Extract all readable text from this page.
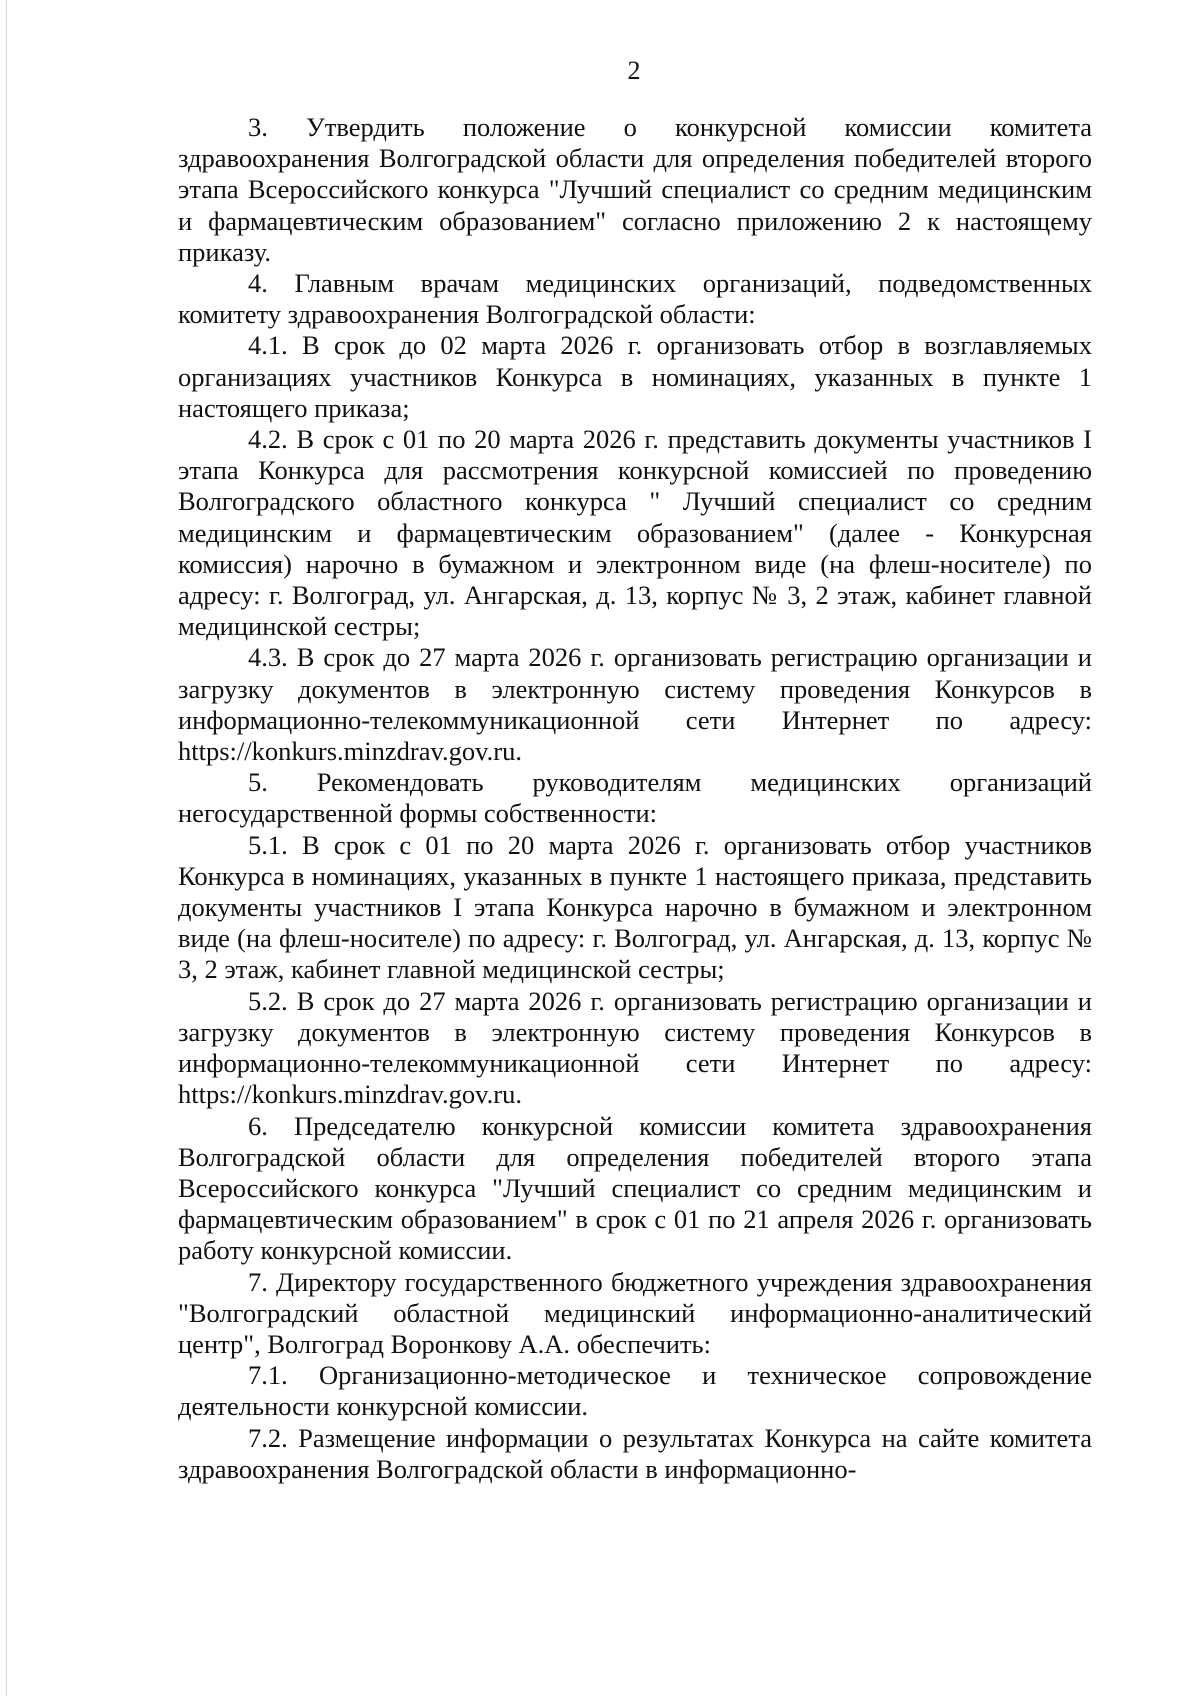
2

3. Утвердить положение о конкурсной комиссии комитета здравоохранения Волгоградской области для определения победителей второго этапа Всероссийского конкурса "Лучший специалист со средним медицинским и фармацевтическим образованием" согласно приложению 2 к настоящему приказу.

4. Главным врачам медицинских организаций, подведомственных комитету здравоохранения Волгоградской области:

4.1. В срок до 02 марта 2026 г. организовать отбор в возглавляемых организациях участников Конкурса в номинациях, указанных в пункте 1 настоящего приказа;

4.2. В срок с 01 по 20 марта 2026 г. представить документы участников I этапа Конкурса для рассмотрения конкурсной комиссией по проведению Волгоградского областного конкурса " Лучший специалист со средним медицинским и фармацевтическим образованием" (далее - Конкурсная комиссия) нарочно в бумажном и электронном виде (на флеш-носителе) по адресу: г. Волгоград, ул. Ангарская, д. 13, корпус № 3, 2 этаж, кабинет главной медицинской сестры;

4.3. В срок до 27 марта 2026 г. организовать регистрацию организации и загрузку документов в электронную систему проведения Конкурсов в информационно-телекоммуникационной сети Интернет по адресу: https://konkurs.minzdrav.gov.ru.

5. Рекомендовать руководителям медицинских организаций негосударственной формы собственности:

5.1. В срок с 01 по 20 марта 2026 г. организовать отбор участников Конкурса в номинациях, указанных в пункте 1 настоящего приказа, представить документы участников I этапа Конкурса нарочно в бумажном и электронном виде (на флеш-носителе) по адресу: г. Волгоград, ул. Ангарская, д. 13, корпус № 3, 2 этаж, кабинет главной медицинской сестры;

5.2. В срок до 27 марта 2026 г. организовать регистрацию организации и загрузку документов в электронную систему проведения Конкурсов в информационно-телекоммуникационной сети Интернет по адресу: https://konkurs.minzdrav.gov.ru.

6. Председателю конкурсной комиссии комитета здравоохранения Волгоградской области для определения победителей второго этапа Всероссийского конкурса "Лучший специалист со средним медицинским и фармацевтическим образованием" в срок с 01 по 21 апреля 2026 г. организовать работу конкурсной комиссии.

7. Директору государственного бюджетного учреждения здравоохранения "Волгоградский областной медицинский информационно-аналитический центр", Волгоград Воронкову А.А. обеспечить:

7.1. Организационно-методическое и техническое сопровождение деятельности конкурсной комиссии.

7.2. Размещение информации о результатах Конкурса на сайте комитета здравоохранения Волгоградской области в информационно-
